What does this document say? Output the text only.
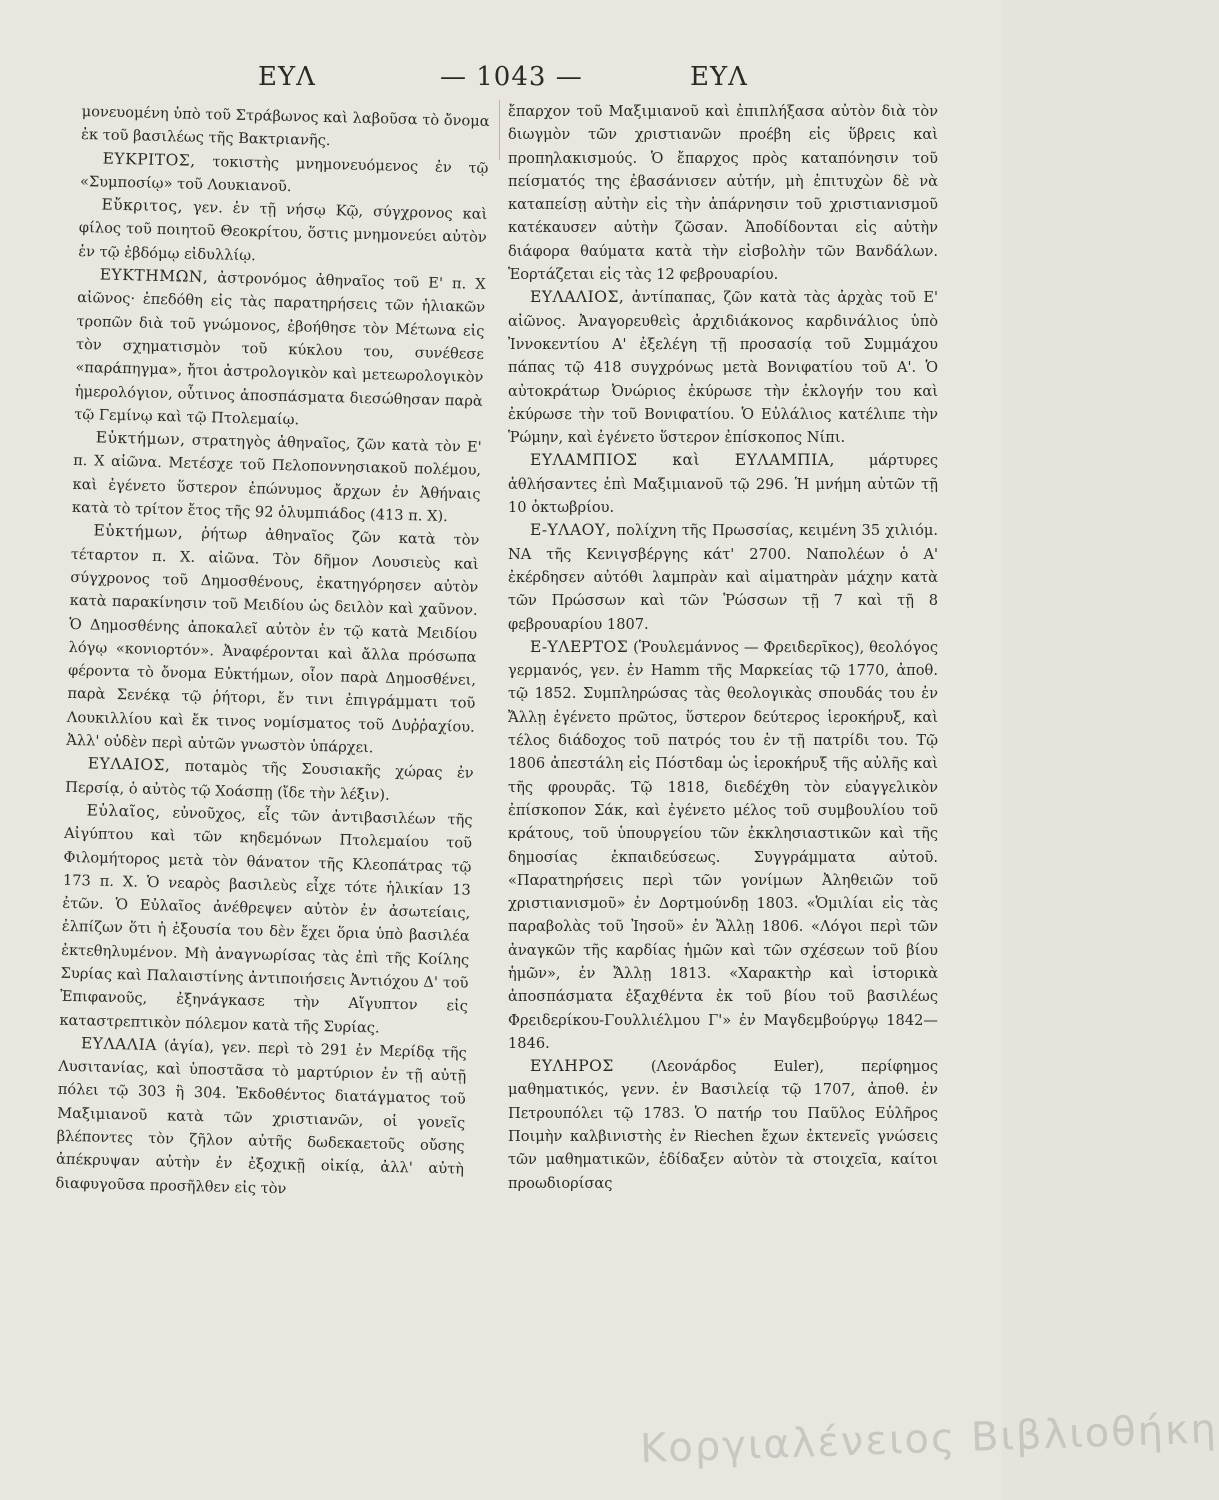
ΕΥΛ	— 1043 —	ΕΥΛ

μονευομένη ὑπὸ τοῦ Στράβωνος καὶ λαβοῦσα τὸ ὄνομα ἐκ τοῦ βασιλέως τῆς Βακτριανῆς.

ΕΥΚΡΙΤΟΣ, τοκιστὴς μνημονευόμενος ἐν τῷ «Συμποσίῳ» τοῦ Λουκιανοῦ.

Εὔκριτος, γεν. ἐν τῇ νήσῳ Κῷ, σύγχρονος καὶ φίλος τοῦ ποιητοῦ Θεοκρίτου, ὅστις μνημονεύει αὐτὸν ἐν τῷ ἑβδόμῳ εἰδυλλίῳ.

ΕΥΚΤΗΜΩΝ, ἀστρονόμος ἀθηναῖος τοῦ Ε' π. Χ αἰῶνος· ἐπεδόθη εἰς τὰς παρατηρήσεις τῶν ἡλιακῶν τροπῶν διὰ τοῦ γνώμονος, ἐβοήθησε τὸν Μέτωνα εἰς τὸν σχηματισμὸν τοῦ κύκλου του, συνέθεσε «παράπηγμα», ἤτοι ἀστρολογικὸν καὶ μετεωρολογικὸν ἡμερολόγιον, οὗτινος ἀποσπάσματα διεσώθησαν παρὰ τῷ Γεμίνῳ καὶ τῷ Πτολεμαίῳ.

Εὐκτήμων, στρατηγὸς ἀθηναῖος, ζῶν κατὰ τὸν Ε' π. Χ αἰῶνα. Μετέσχε τοῦ Πελοποννησιακοῦ πολέμου, καὶ ἐγένετο ὕστερον ἐπώνυμος ἄρχων ἐν Ἀθήναις κατὰ τὸ τρίτον ἔτος τῆς 92 ὀλυμπιάδος (413 π. Χ).

Εὐκτήμων, ῥήτωρ ἀθηναῖος ζῶν κατὰ τὸν τέταρτον π. Χ. αἰῶνα. Τὸν δῆμον Λουσιεὺς καὶ σύγχρονος τοῦ Δημοσθένους, ἐκατηγόρησεν αὐτὸν κατὰ παρακίνησιν τοῦ Μειδίου ὡς δειλὸν καὶ χαῦνον. Ὁ Δημοσθένης ἀποκαλεῖ αὐτὸν ἐν τῷ κατὰ Μειδίου λόγῳ «κονιορτόν». Ἀναφέρονται καὶ ἄλλα πρόσωπα φέροντα τὸ ὄνομα Εὐκτήμων, οἷον παρὰ Δημοσθένει, παρὰ Σενέκᾳ τῷ ῥήτορι, ἔν τινι ἐπιγράμματι τοῦ Λουκιλλίου καὶ ἔκ τινος νομίσματος τοῦ Δυῤῥαχίου. Ἀλλ' οὐδὲν περὶ αὐτῶν γνωστὸν ὑπάρχει.

ΕΥΛΑΙΟΣ, ποταμὸς τῆς Σουσιακῆς χώρας ἐν Περσίᾳ, ὁ αὐτὸς τῷ Χοάσπῃ (ἴδε τὴν λέξιν).

Εὐλαῖος, εὐνοῦχος, εἷς τῶν ἀντιβασιλέων τῆς Αἰγύπτου καὶ τῶν κηδεμόνων Πτολεμαίου τοῦ Φιλομήτορος μετὰ τὸν θάνατον τῆς Κλεοπάτρας τῷ 173 π. Χ. Ὁ νεαρὸς βασιλεὺς εἶχε τότε ἡλικίαν 13 ἐτῶν. Ὁ Εὐλαῖος ἀνέθρεψεν αὐτὸν ἐν ἀσωτείαις, ἐλπίζων ὅτι ἡ ἐξουσία του δὲν ἔχει ὅρια ὑπὸ βασιλέα ἐκτεθηλυμένον. Μὴ ἀναγνωρίσας τὰς ἐπὶ τῆς Κοίλης Συρίας καὶ Παλαιστίνης ἀντιποιήσεις Ἀντιόχου Δ' τοῦ Ἐπιφανοῦς, ἐξηνάγκασε τὴν Αἴγυπτον εἰς καταστρεπτικὸν πόλεμον κατὰ τῆς Συρίας.

ΕΥΛΑΛΙΑ (ἁγία), γεν. περὶ τὸ 291 ἐν Μερίδᾳ τῆς Λυσιτανίας, καὶ ὑποστᾶσα τὸ μαρτύριον ἐν τῇ αὐτῇ πόλει τῷ 303 ἢ 304. Ἐκδοθέντος διατάγματος τοῦ Μαξιμιανοῦ κατὰ τῶν χριστιανῶν, οἱ γονεῖς βλέποντες τὸν ζῆλον αὐτῆς δωδεκαετοῦς οὔσης ἀπέκρυψαν αὐτὴν ἐν ἐξοχικῇ οἰκίᾳ, ἀλλ' αὐτὴ διαφυγοῦσα προσῆλθεν εἰς τὸν

ἔπαρχον τοῦ Μαξιμιανοῦ καὶ ἐπιπλήξασα αὐτὸν διὰ τὸν διωγμὸν τῶν χριστιανῶν προέβη εἰς ὕβρεις καὶ προπηλακισμούς. Ὁ ἔπαρχος πρὸς καταπόνησιν τοῦ πείσματός της ἐβασάνισεν αὐτήν, μὴ ἐπιτυχὼν δὲ νὰ καταπείσῃ αὐτὴν εἰς τὴν ἀπάρνησιν τοῦ χριστιανισμοῦ κατέκαυσεν αὐτὴν ζῶσαν. Ἀποδίδονται εἰς αὐτὴν διάφορα θαύματα κατὰ τὴν εἰσβολὴν τῶν Βανδάλων. Ἑορτάζεται εἰς τὰς 12 φεβρουαρίου.

ΕΥΛΑΛΙΟΣ, ἀντίπαπας, ζῶν κατὰ τὰς ἀρχὰς τοῦ Ε' αἰῶνος. Ἀναγορευθεὶς ἀρχιδιάκονος καρδινάλιος ὑπὸ Ἰννοκεντίου Α' ἐξελέγη τῇ προσασίᾳ τοῦ Συμμάχου πάπας τῷ 418 συγχρόνως μετὰ Βονιφατίου τοῦ Α'. Ὁ αὐτοκράτωρ Ὀνώριος ἐκύρωσε τὴν ἐκλογήν του καὶ ἐκύρωσε τὴν τοῦ Βονιφατίου. Ὁ Εὐλάλιος κατέλιπε τὴν Ῥώμην, καὶ ἐγένετο ὕστερον ἐπίσκοπος Νίπι.

ΕΥΛΑΜΠΙΟΣ καὶ ΕΥΛΑΜΠΙΑ, μάρτυρες ἀθλήσαντες ἐπὶ Μαξιμιανοῦ τῷ 296. Ἡ μνήμη αὐτῶν τῇ 10 ὀκτωβρίου.

Ε-ΥΛΑΟΥ, πολίχνη τῆς Πρωσσίας, κειμένη 35 χιλιόμ. ΝΑ τῆς Κενιγσβέργης κάτ' 2700. Ναπολέων ὁ Α' ἐκέρδησεν αὐτόθι λαμπρὰν καὶ αἱματηρὰν μάχην κατὰ τῶν Πρώσσων καὶ τῶν Ῥώσσων τῇ 7 καὶ τῇ 8 φεβρουαρίου 1807.

Ε-ΥΛΕΡΤΟΣ (Ῥουλεμάννος — Φρειδερῖκος), θεολόγος γερμανός, γεν. ἐν Hamm τῆς Μαρκείας τῷ 1770, ἀποθ. τῷ 1852. Συμπληρώσας τὰς θεολογικὰς σπουδάς του ἐν Ἄλλῃ ἐγένετο πρῶτος, ὕστερον δεύτερος ἱεροκήρυξ, καὶ τέλος διάδοχος τοῦ πατρός του ἐν τῇ πατρίδι του. Τῷ 1806 ἀπεστάλη εἰς Πόστδαμ ὡς ἱεροκήρυξ τῆς αὐλῆς καὶ τῆς φρουρᾶς. Τῷ 1818, διεδέχθη τὸν εὐαγγελικὸν ἐπίσκοπον Σάκ, καὶ ἐγένετο μέλος τοῦ συμβουλίου τοῦ κράτους, τοῦ ὑπουργείου τῶν ἐκκλησιαστικῶν καὶ τῆς δημοσίας ἐκπαιδεύσεως. Συγγράμματα αὐτοῦ. «Παρατηρήσεις περὶ τῶν γονίμων Ἀληθειῶν τοῦ χριστιανισμοῦ» ἐν Δορτμούνδῃ 1803. «Ὁμιλίαι εἰς τὰς παραβολὰς τοῦ Ἰησοῦ» ἐν Ἄλλῃ 1806. «Λόγοι περὶ τῶν ἀναγκῶν τῆς καρδίας ἡμῶν καὶ τῶν σχέσεων τοῦ βίου ἡμῶν», ἐν Ἄλλῃ 1813. «Χαρακτὴρ καὶ ἱστορικὰ ἀποσπάσματα ἐξαχθέντα ἐκ τοῦ βίου τοῦ βασιλέως Φρειδερίκου-Γουλλιέλμου Γ'» ἐν Μαγδεμβούργῳ 1842—1846.

ΕΥΛΗΡΟΣ (Λεονάρδος Euler), περίφημος μαθηματικός, γενν. ἐν Βασιλείᾳ τῷ 1707, ἀποθ. ἐν Πετρουπόλει τῷ 1783. Ὁ πατήρ του Παῦλος Εὐλῆρος Ποιμὴν καλβινιστὴς ἐν Riechen ἔχων ἐκτενεῖς γνώσεις τῶν μαθηματικῶν, ἐδίδαξεν αὐτὸν τὰ στοιχεῖα, καίτοι προωδιορίσας

Κοργιαλένειος Βιβλιοθήκη
